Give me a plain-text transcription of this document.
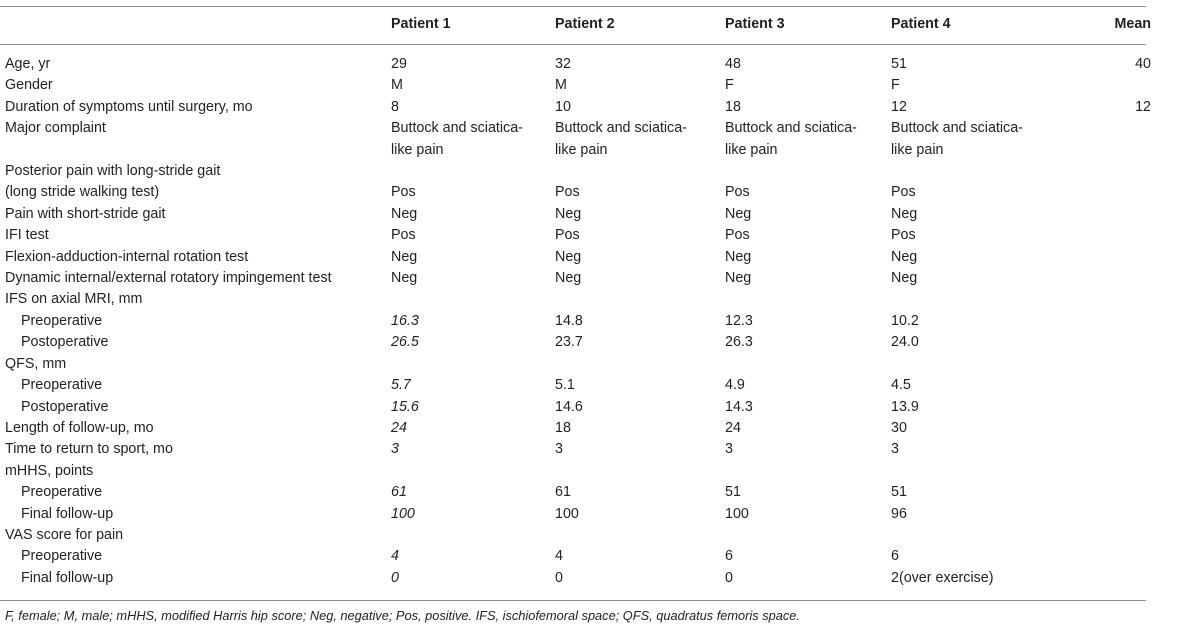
	Patient 1	Patient 2	Patient 3	Patient 4	Mean

Age, yr	29	32	48	51	40
Gender	M	M	F	F	
Duration of symptoms until surgery, mo	8	10	18	12	12
Major complaint	Buttock and sciatica-like pain	Buttock and sciatica-like pain	Buttock and sciatica-like pain	Buttock and sciatica-like pain	
Posterior pain with long-stride gait					
(long stride walking test)	Pos	Pos	Pos	Pos	
Pain with short-stride gait	Neg	Neg	Neg	Neg	
IFI test	Pos	Pos	Pos	Pos	
Flexion-adduction-internal rotation test	Neg	Neg	Neg	Neg	
Dynamic internal/external rotatory impingement test	Neg	Neg	Neg	Neg	
IFS on axial MRI, mm					
Preoperative	16.3	14.8	12.3	10.2	
Postoperative	26.5	23.7	26.3	24.0	
QFS, mm					
Preoperative	5.7	5.1	4.9	4.5	
Postoperative	15.6	14.6	14.3	13.9	
Length of follow-up, mo	24	18	24	30	
Time to return to sport, mo	3	3	3	3	
mHHS, points					
Preoperative	61	61	51	51	
Final follow-up	100	100	100	96	
VAS score for pain					
Preoperative	4	4	6	6	
Final follow-up	0	0	0	2(over exercise)	
F, female; M, male; mHHS, modified Harris hip score; Neg, negative; Pos, positive. IFS, ischiofemoral space; QFS, quadratus femoris space.
